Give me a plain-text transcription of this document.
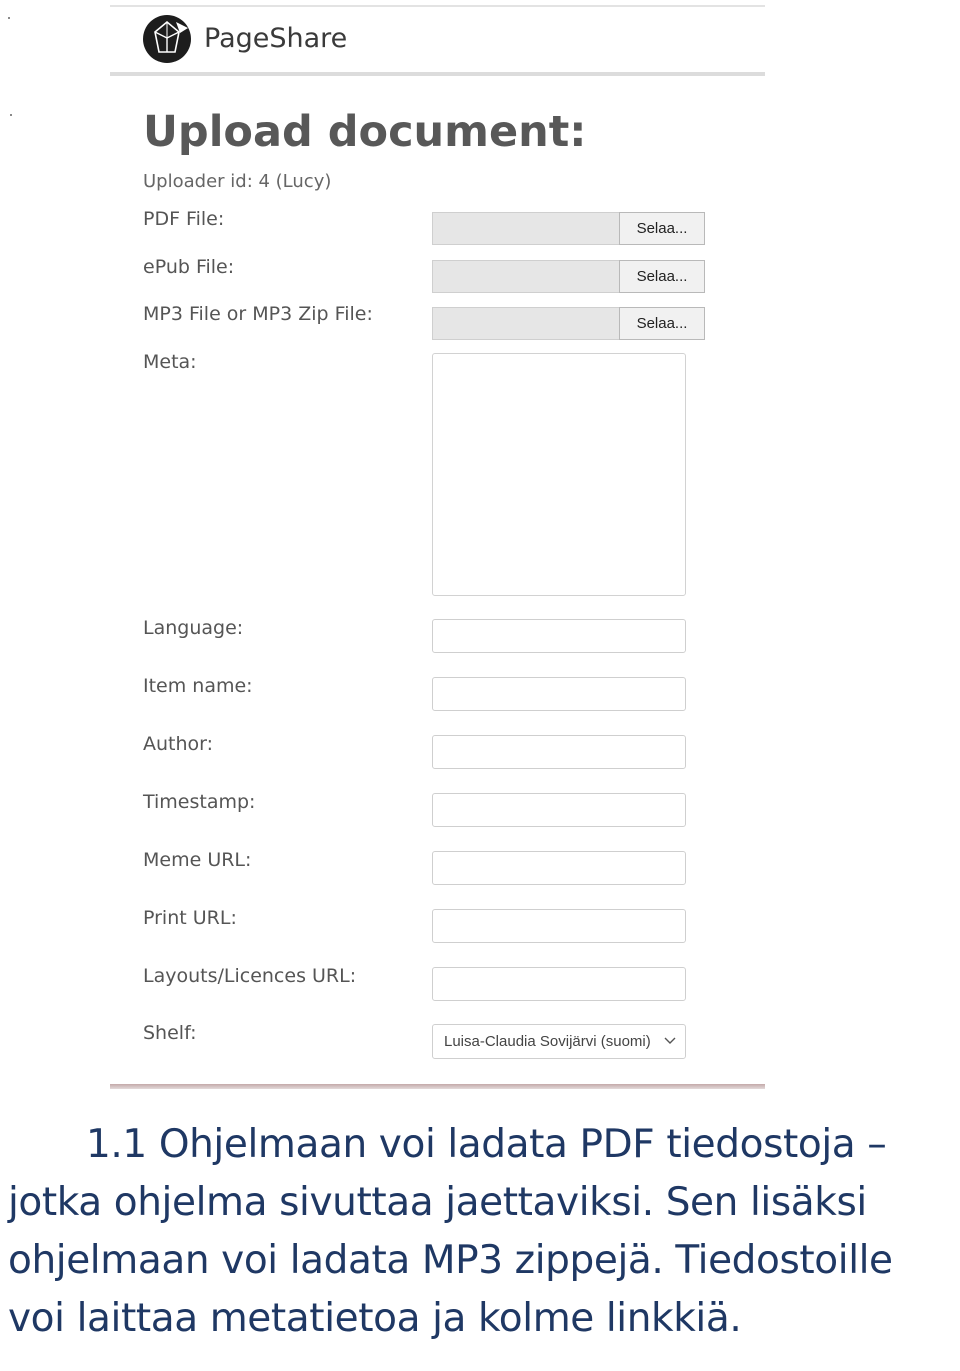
PageShare
Upload document:
Uploader id: 4 (Lucy)
PDF File:	Selaa...
ePub File:	Selaa...
MP3 File or MP3 Zip File:	Selaa...
Meta:
Language:
Item name:
Author:
Timestamp:
Meme URL:
Print URL:
Layouts/Licences URL:
Shelf:	Luisa-Claudia Sovijärvi (suomi)
1.1 Ohjelmaan voi ladata PDF tiedostoja –
jotka ohjelma sivuttaa jaettaviksi. Sen lisäksi
ohjelmaan voi ladata MP3 zippejä. Tiedostoille
voi laittaa metatietoa ja kolme linkkiä.
